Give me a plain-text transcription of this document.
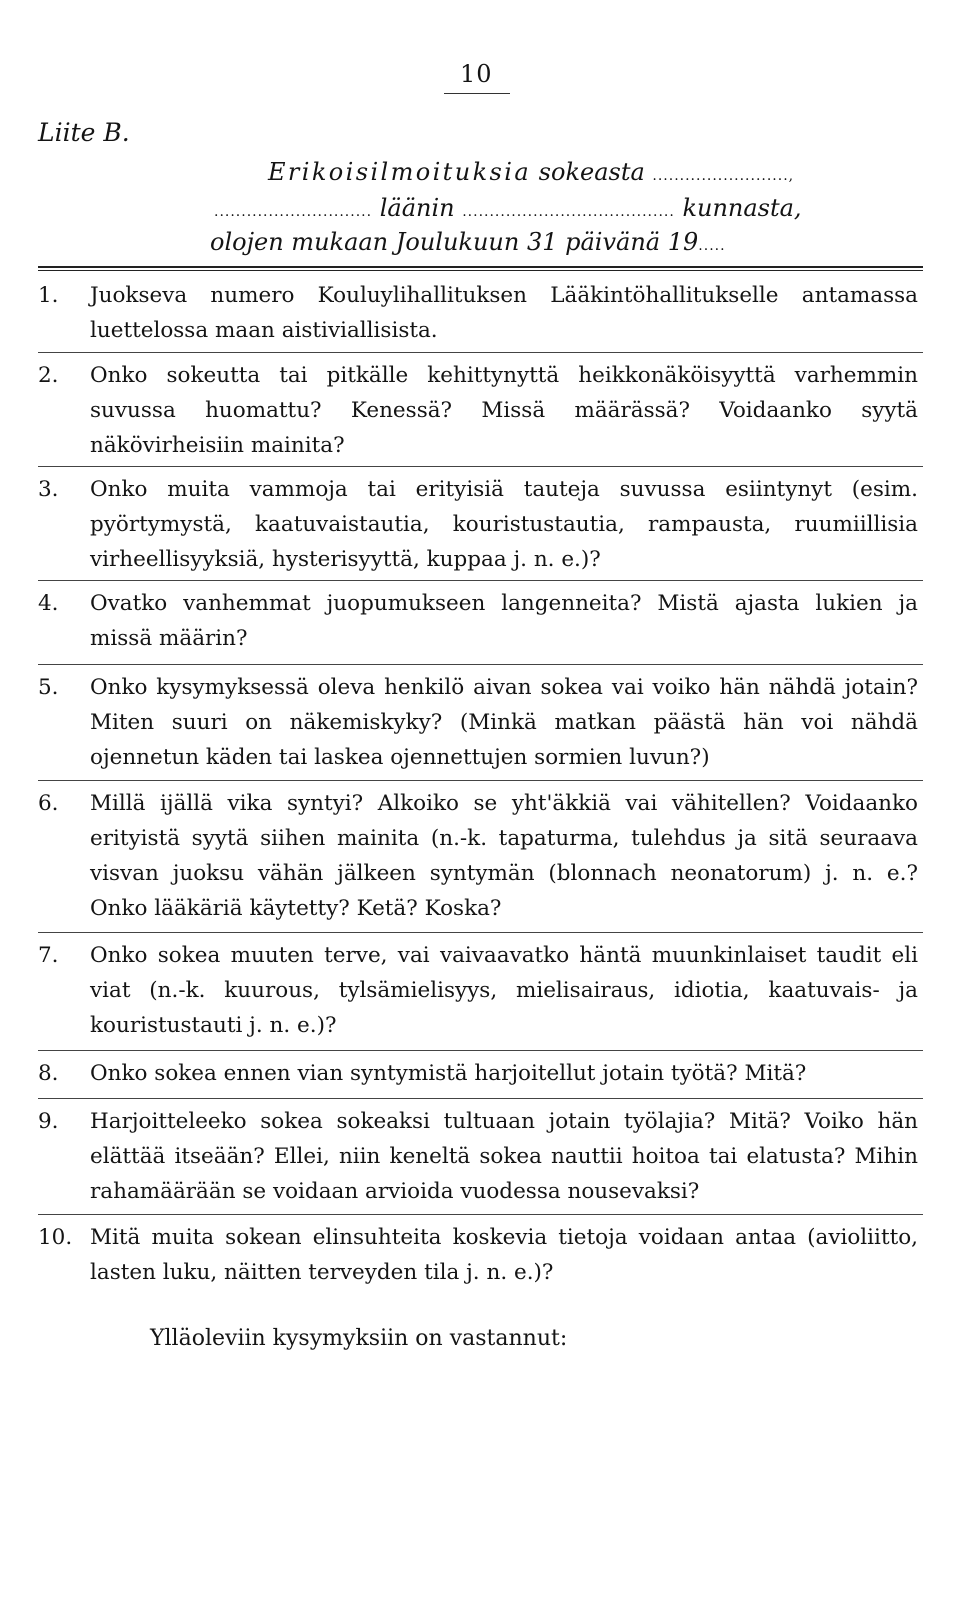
10
Liite B.
Erikoisilmoituksia sokeasta .........................,
............................. läänin ....................................... kunnasta,
olojen mukaan Joulukuun 31 päivänä 19.....
1.	Juokseva numero Kouluylihallituksen Lääkintöhallitukselle antamassa luettelossa maan aistiviallisista.
2.	Onko sokeutta tai pitkälle kehittynyttä heikkonäköisyyttä varhemmin suvussa huomattu? Kenessä? Missä määrässä? Voidaanko syytä näkövirheisiin mainita?
3.	Onko muita vammoja tai erityisiä tauteja suvussa esiintynyt (esim. pyörtymystä, kaatuvaistautia, kouristustautia, rampausta, ruumiillisia virheellisyyksiä, hysterisyyttä, kuppaa j. n. e.)?
4.	Ovatko vanhemmat juopumukseen langenneita? Mistä ajasta lukien ja missä määrin?
5.	Onko kysymyksessä oleva henkilö aivan sokea vai voiko hän nähdä jotain? Miten suuri on näkemiskyky? (Minkä matkan päästä hän voi nähdä ojennetun käden tai laskea ojennettujen sormien luvun?)
6.	Millä ijällä vika syntyi? Alkoiko se yht'äkkiä vai vähitellen? Voidaanko erityistä syytä siihen mainita (n.-k. tapaturma, tulehdus ja sitä seuraava visvan juoksu vähän jälkeen syntymän (blonnach neonatorum) j. n. e.? Onko lääkäriä käytetty? Ketä? Koska?
7.	Onko sokea muuten terve, vai vaivaavatko häntä muunkinlaiset taudit eli viat (n.-k. kuurous, tylsämielisyys, mielisairaus, idiotia, kaatuvais- ja kouristustauti j. n. e.)?
8.	Onko sokea ennen vian syntymistä harjoitellut jotain työtä? Mitä?
9.	Harjoitteleeko sokea sokeaksi tultuaan jotain työlajia? Mitä? Voiko hän elättää itseään? Ellei, niin keneltä sokea nauttii hoitoa tai elatusta? Mihin rahamäärään se voidaan arvioida vuodessa nousevaksi?
10. Mitä muita sokean elinsuhteita koskevia tietoja voidaan antaa (avioliitto, lasten luku, näitten terveyden tila j. n. e.)?
Ylläoleviin kysymyksiin on vastannut:
